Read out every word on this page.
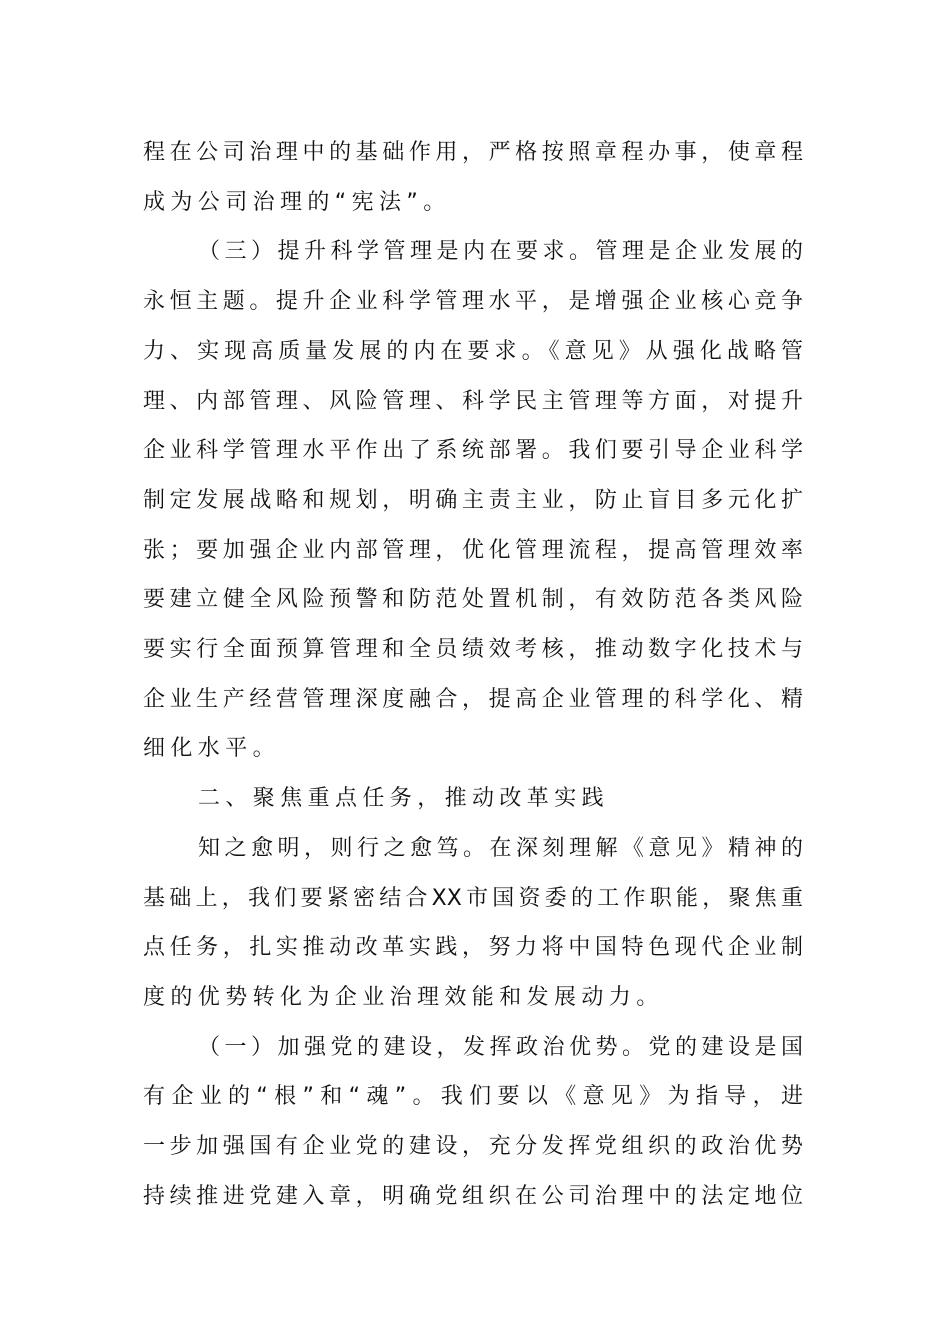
程在公司治理中的基础作用，严格按照章程办事，使章程
成为公司治理的“宪法”。
（三）提升科学管理是内在要求。管理是企业发展的
永恒主题。提升企业科学管理水平，是增强企业核心竞争
力、实现高质量发展的内在要求。《意见》从强化战略管
理、内部管理、风险管理、科学民主管理等方面，对提升
企业科学管理水平作出了系统部署。我们要引导企业科学
制定发展战略和规划，明确主责主业，防止盲目多元化扩
张；要加强企业内部管理，优化管理流程，提高管理效率
要建立健全风险预警和防范处置机制，有效防范各类风险
要实行全面预算管理和全员绩效考核，推动数字化技术与
企业生产经营管理深度融合，提高企业管理的科学化、精
细化水平。
二、聚焦重点任务，推动改革实践
知之愈明，则行之愈笃。在深刻理解《意见》精神的
基础上，我们要紧密结合XX市国资委的工作职能，聚焦重
点任务，扎实推动改革实践，努力将中国特色现代企业制
度的优势转化为企业治理效能和发展动力。
（一）加强党的建设，发挥政治优势。党的建设是国
有企业的“根”和“魂”。我们要以《意见》为指导，进
一步加强国有企业党的建设，充分发挥党组织的政治优势
持续推进党建入章，明确党组织在公司治理中的法定地位
